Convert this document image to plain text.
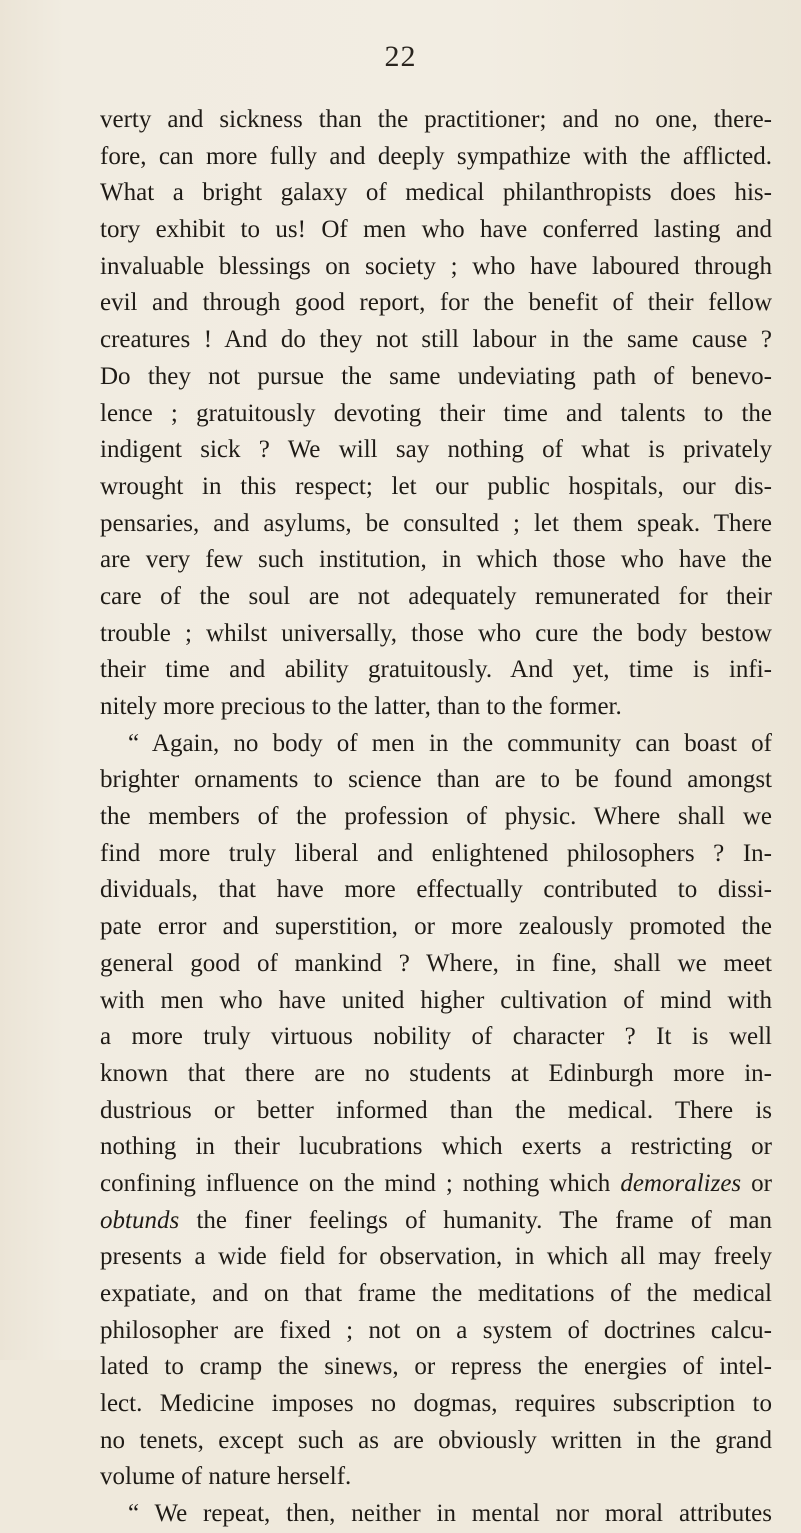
22
verty and sickness than the practitioner; and no one, there-
fore, can more fully and deeply sympathize with the afflicted.
What a bright galaxy of medical philanthropists does his-
tory exhibit to us! Of men who have conferred lasting and
invaluable blessings on society ; who have laboured through
evil and through good report, for the benefit of their fellow
creatures ! And do they not still labour in the same cause ?
Do they not pursue the same undeviating path of benevo-
lence ; gratuitously devoting their time and talents to the
indigent sick ? We will say nothing of what is privately
wrought in this respect; let our public hospitals, our dis-
pensaries, and asylums, be consulted ; let them speak. There
are very few such institution, in which those who have the
care of the soul are not adequately remunerated for their
trouble ; whilst universally, those who cure the body bestow
their time and ability gratuitously. And yet, time is infi-
nitely more precious to the latter, than to the former.
“ Again, no body of men in the community can boast of
brighter ornaments to science than are to be found amongst
the members of the profession of physic. Where shall we
find more truly liberal and enlightened philosophers ? In-
dividuals, that have more effectually contributed to dissi-
pate error and superstition, or more zealously promoted the
general good of mankind ? Where, in fine, shall we meet
with men who have united higher cultivation of mind with
a more truly virtuous nobility of character ? It is well
known that there are no students at Edinburgh more in-
dustrious or better informed than the medical. There is
nothing in their lucubrations which exerts a restricting or
confining influence on the mind ; nothing which demoralizes or
obtunds the finer feelings of humanity. The frame of man
presents a wide field for observation, in which all may freely
expatiate, and on that frame the meditations of the medical
philosopher are fixed ; not on a system of doctrines calcu-
lated to cramp the sinews, or repress the energies of intel-
lect. Medicine imposes no dogmas, requires subscription to
no tenets, except such as are obviously written in the grand
volume of nature herself.
“ We repeat, then, neither in mental nor moral attributes
